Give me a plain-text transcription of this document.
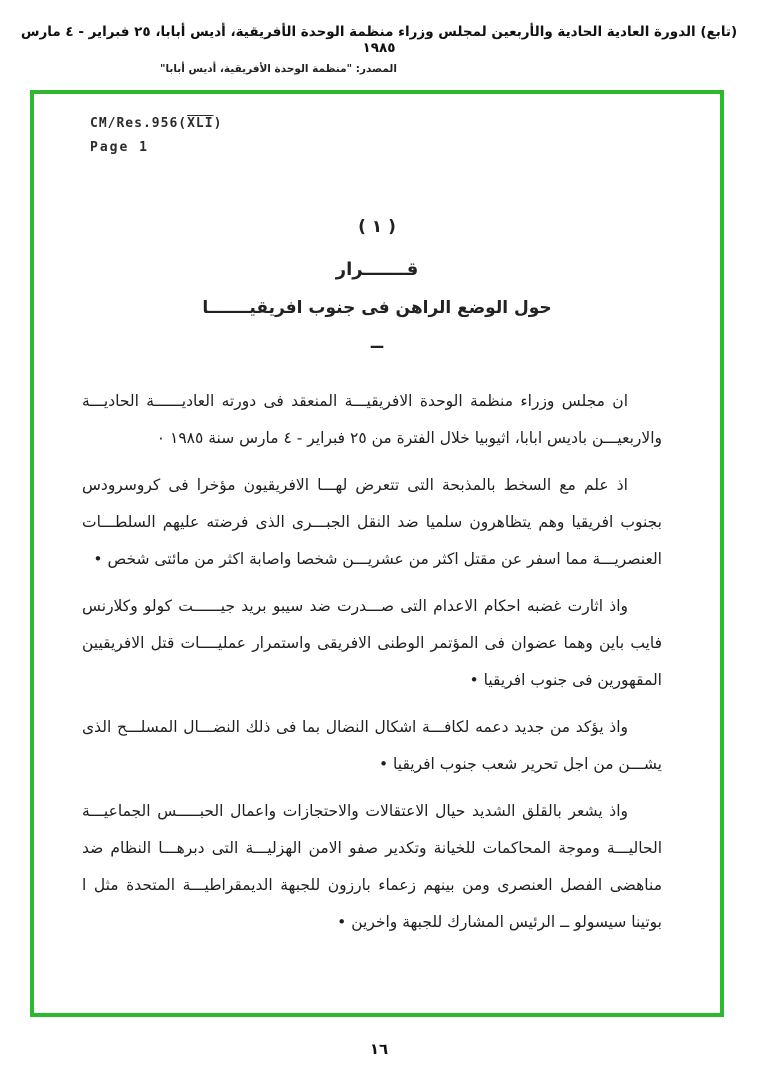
(تابع) الدورة العادية الحادية والأربعين لمجلس وزراء منظمة الوحدة الأفريقية، أديس أبابا، ٢٥ فبراير - ٤ مارس ١٩٨٥
المصدر: "منظمة الوحدة الأفريقية، أديس أبابا"
$CM/Res.956(\overline{XLI})$
Page 1
( ١ )
قـــــــرار
حول الوضع الراهن فى جنوب افريقيـــــــا
ــ

ان مجلس وزراء منظمة الوحدة الافريقيـــة المنعقد فى دورته العاديــــــة الحاديـــة والاربعيـــن باديس ابابا، اثيوبيا خلال الفترة من ٢٥ فبراير - ٤ مارس سنة ١٩٨٥ ٠

اذ علم مع السخط بالمذبحة التى تتعرض لهـــا الافريقيون مؤخرا فى كروسرودس بجنوب افريقيا وهم يتظاهرون سلميا ضد النقل الجبـــرى الذى فرضته عليهم السلطـــات العنصريـــة مما اسفر عن مقتل اكثر من عشريـــن شخصا واصابة اكثر من مائتى شخص •

واذ اثارت غضبه احكام الاعدام التى صـــدرت ضد سيبو بريد جيــــــت كولو وكلارنس فايب باين وهما عضوان فى المؤتمر الوطنى الافريقى واستمرار عمليــــات قتل الافريقيين المقهورين فى جنوب افريقيا •

واذ يؤكد من جديد دعمه لكافـــة اشكال النضال بما فى ذلك النضـــال المسلـــح الذى يشـــن من اجل تحرير شعب جنوب افريقيا •

واذ يشعر بالقلق الشديد حيال الاعتقالات والاحتجازات واعمال الحبـــــس الجماعيـــة الحاليـــة وموجة المحاكمات للخيانة وتكدير صفو الامن الهزليـــة التى دبرهـــا النظام ضد مناهضى الفصل العنصرى ومن بينهم زعماء بارزون للجبهة الديمقراطيـــة المتحدة مثل ا بوتينا سيسولو ــ الرئيس المشارك للجبهة واخرين •

١٦
